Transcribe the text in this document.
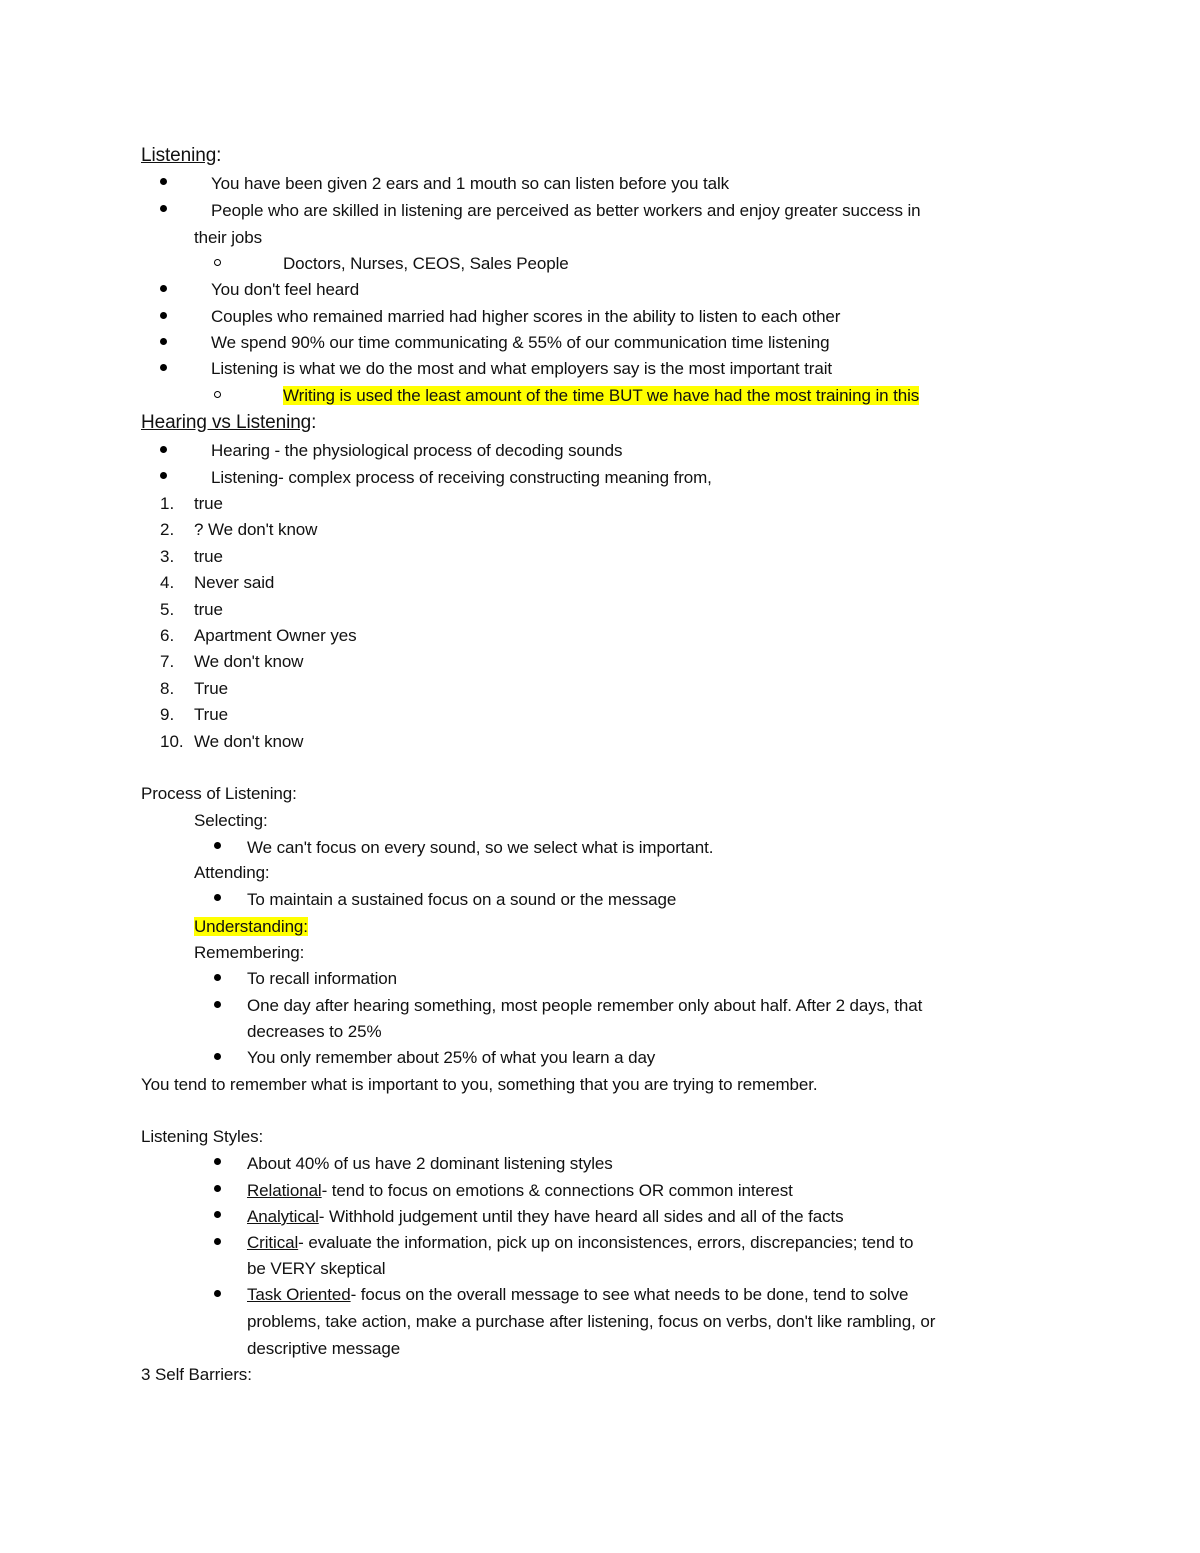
Listening:
You have been given 2 ears and 1 mouth so can listen before you talk
People who are skilled in listening are perceived as better workers and enjoy greater success in
their jobs
Doctors, Nurses, CEOS, Sales People
You don't feel heard
Couples who remained married had higher scores in the ability to listen to each other
We spend 90% our time communicating & 55% of our communication time listening
Listening is what we do the most and what employers say is the most important trait
Writing is used the least amount of the time BUT we have had the most training in this
Hearing vs Listening:
Hearing - the physiological process of decoding sounds
Listening- complex process of receiving constructing meaning from,
1. true
2. ? We don't know
3. true
4. Never said
5. true
6. Apartment Owner yes
7. We don't know
8. True
9. True
10. We don't know
Process of Listening:
Selecting:
We can't focus on every sound, so we select what is important.
Attending:
To maintain a sustained focus on a sound or the message
Understanding:
Remembering:
To recall information
One day after hearing something, most people remember only about half. After 2 days, that
decreases to 25%
You only remember about 25% of what you learn a day
You tend to remember what is important to you, something that you are trying to remember.
Listening Styles:
About 40% of us have 2 dominant listening styles
Relational- tend to focus on emotions & connections OR common interest
Analytical- Withhold judgement until they have heard all sides and all of the facts
Critical- evaluate the information, pick up on inconsistences, errors, discrepancies; tend to
be VERY skeptical
Task Oriented- focus on the overall message to see what needs to be done, tend to solve
problems, take action, make a purchase after listening, focus on verbs, don't like rambling, or
descriptive message
3 Self Barriers:
